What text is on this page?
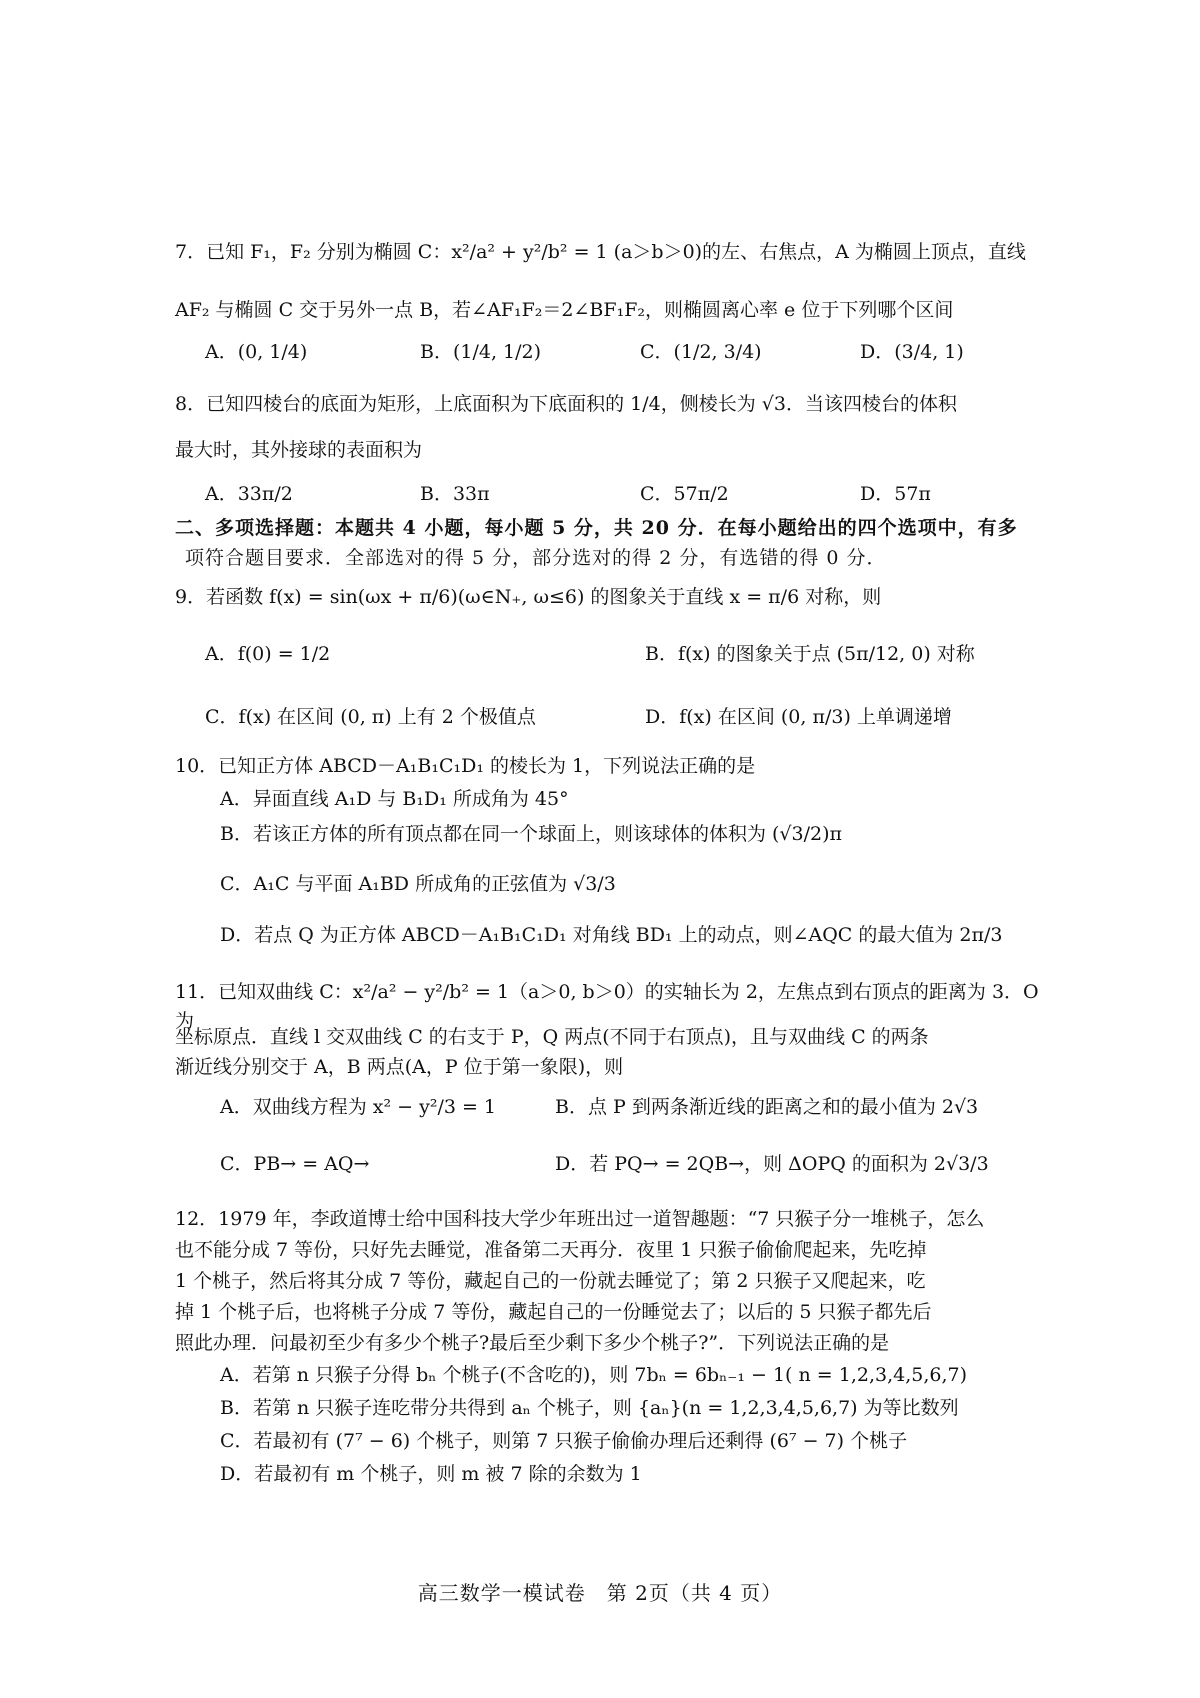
7．已知 F₁，F₂ 分别为椭圆 C：x²/a² + y²/b² = 1 (a＞b＞0)的左、右焦点，A 为椭圆上顶点，直线
AF₂ 与椭圆 C 交于另外一点 B，若∠AF₁F₂＝2∠BF₁F₂，则椭圆离心率 e 位于下列哪个区间
A．(0, 1/4)	B．(1/4, 1/2)	C．(1/2, 3/4)	D．(3/4, 1)
8．已知四棱台的底面为矩形，上底面积为下底面积的 1/4，侧棱长为 √3．当该四棱台的体积
最大时，其外接球的表面积为
A．33π/2	B．33π	C．57π/2	D．57π
二、多项选择题：本题共 4 小题，每小题 5 分，共 20 分．在每小题给出的四个选项中，有多
项符合题目要求．全部选对的得 5 分，部分选对的得 2 分，有选错的得 0 分．
9．若函数 f(x) = sin(ωx + π/6)(ω∈N₊, ω≤6) 的图象关于直线 x = π/6 对称，则
A．f(0) = 1/2	B．f(x) 的图象关于点 (5π/12, 0) 对称
C．f(x) 在区间 (0, π) 上有 2 个极值点	D．f(x) 在区间 (0, π/3) 上单调递增
10．已知正方体 ABCD－A₁B₁C₁D₁ 的棱长为 1，下列说法正确的是
A．异面直线 A₁D 与 B₁D₁ 所成角为 45°
B．若该正方体的所有顶点都在同一个球面上，则该球体的体积为 (√3/2)π
C．A₁C 与平面 A₁BD 所成角的正弦值为 √3/3
D．若点 Q 为正方体 ABCD－A₁B₁C₁D₁ 对角线 BD₁ 上的动点，则∠AQC 的最大值为 2π/3
11．已知双曲线 C：x²/a² − y²/b² = 1（a＞0, b＞0）的实轴长为 2，左焦点到右顶点的距离为 3．O 为
坐标原点．直线 l 交双曲线 C 的右支于 P，Q 两点(不同于右顶点)，且与双曲线 C 的两条
渐近线分别交于 A，B 两点(A，P 位于第一象限)，则
A．双曲线方程为 x² − y²/3 = 1	B．点 P 到两条渐近线的距离之和的最小值为 2√3
C．PB→ = AQ→	D．若 PQ→ = 2QB→，则 ΔOPQ 的面积为 2√3/3
12．1979 年，李政道博士给中国科技大学少年班出过一道智趣题：“7 只猴子分一堆桃子，怎么
也不能分成 7 等份，只好先去睡觉，准备第二天再分．夜里 1 只猴子偷偷爬起来，先吃掉
1 个桃子，然后将其分成 7 等份，藏起自己的一份就去睡觉了；第 2 只猴子又爬起来，吃
掉 1 个桃子后，也将桃子分成 7 等份，藏起自己的一份睡觉去了；以后的 5 只猴子都先后
照此办理．问最初至少有多少个桃子?最后至少剩下多少个桃子?”．下列说法正确的是
A．若第 n 只猴子分得 bₙ 个桃子(不含吃的)，则 7bₙ = 6bₙ₋₁ − 1( n = 1,2,3,4,5,6,7)
B．若第 n 只猴子连吃带分共得到 aₙ 个桃子，则 {aₙ}(n = 1,2,3,4,5,6,7) 为等比数列
C．若最初有 (7⁷ − 6) 个桃子，则第 7 只猴子偷偷办理后还剩得 (6⁷ − 7) 个桃子
D．若最初有 m 个桃子，则 m 被 7 除的余数为 1
高三数学一模试卷　第 2页（共 4 页）
